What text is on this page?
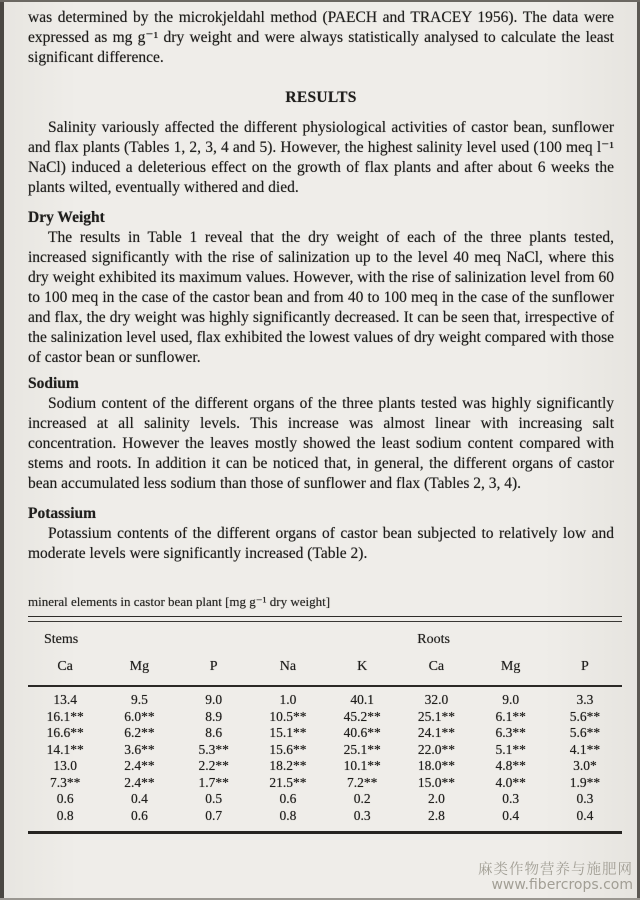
was determined by the microkjeldahl method (PAECH and TRACEY 1956). The data were expressed as mg g⁻¹ dry weight and were always statistically analysed to calculate the least significant difference.

RESULTS

Salinity variously affected the different physiological activities of castor bean, sunflower and flax plants (Tables 1, 2, 3, 4 and 5). However, the highest salinity level used (100 meq l⁻¹ NaCl) induced a deleterious effect on the growth of flax plants and after about 6 weeks the plants wilted, eventually withered and died.

Dry Weight

The results in Table 1 reveal that the dry weight of each of the three plants tested, increased significantly with the rise of salinization up to the level 40 meq NaCl, where this dry weight exhibited its maximum values. However, with the rise of salinization level from 60 to 100 meq in the case of the castor bean and from 40 to 100 meq in the case of the sunflower and flax, the dry weight was highly significantly decreased. It can be seen that, irrespective of the salinization level used, flax exhibited the lowest values of dry weight compared with those of castor bean or sunflower.

Sodium

Sodium content of the different organs of the three plants tested was highly significantly increased at all salinity levels. This increase was almost linear with increasing salt concentration. However the leaves mostly showed the least sodium content compared with stems and roots. In addition it can be noticed that, in general, the different organs of castor bean accumulated less sodium than those of sunflower and flax (Tables 2, 3, 4).

Potassium

Potassium contents of the different organs of castor bean subjected to relatively low and moderate levels were significantly increased (Table 2).

mineral elements in castor bean plant [mg g⁻¹ dry weight]
Stems	Roots
Ca	Mg	P	Na	K	Ca	Mg	P
13.4	9.5	9.0	1.0	40.1	32.0	9.0	3.3
16.1**	6.0**	8.9	10.5**	45.2**	25.1**	6.1**	5.6**
16.6**	6.2**	8.6	15.1**	40.6**	24.1**	6.3**	5.6**
14.1**	3.6**	5.3**	15.6**	25.1**	22.0**	5.1**	4.1**
13.0	2.4**	2.2**	18.2**	10.1**	18.0**	4.8**	3.0*
7.3**	2.4**	1.7**	21.5**	7.2**	15.0**	4.0**	1.9**
0.6	0.4	0.5	0.6	0.2	2.0	0.3	0.3
0.8	0.6	0.7	0.8	0.3	2.8	0.4	0.4
麻类作物营养与施肥网
www.fibercrops.com
